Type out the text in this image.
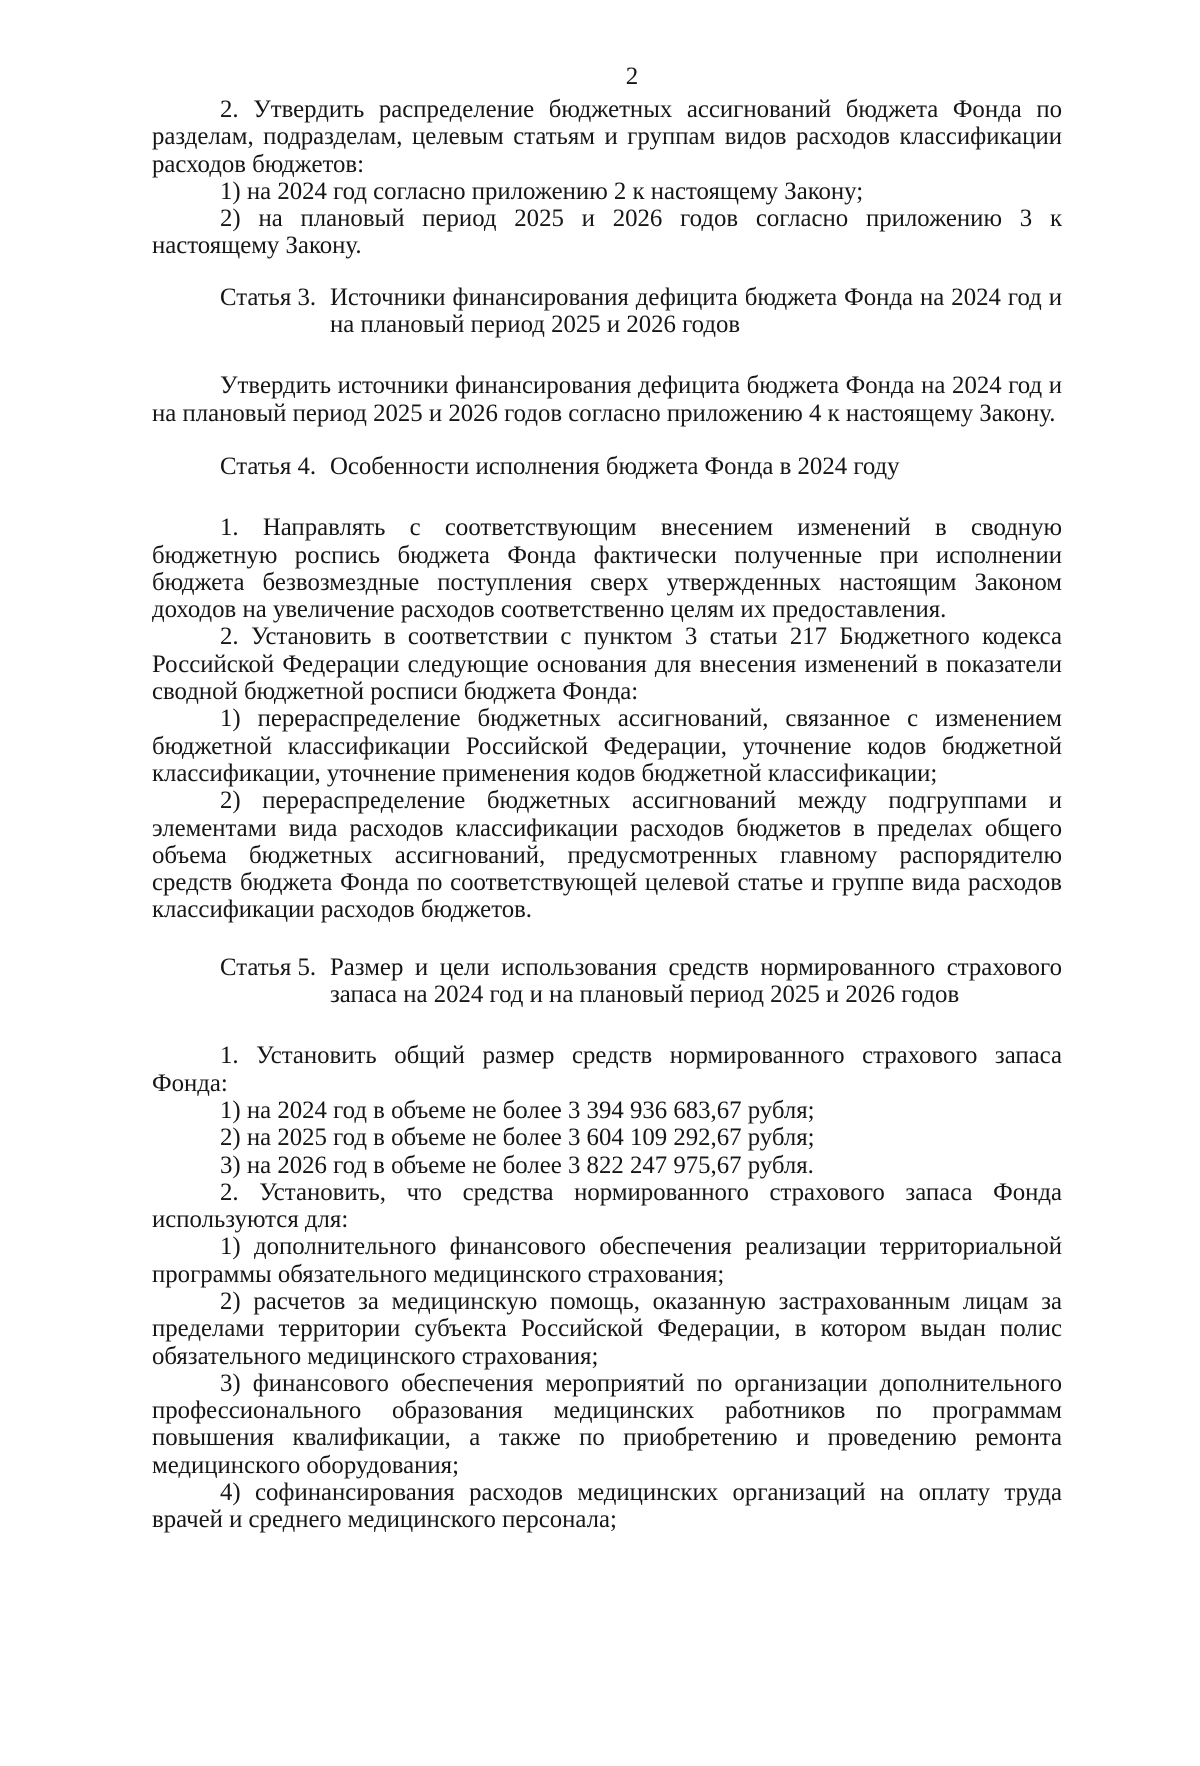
2

2. Утвердить распределение бюджетных ассигнований бюджета Фонда по разделам, подразделам, целевым статьям и группам видов расходов классификации расходов бюджетов:

1) на 2024 год согласно приложению 2 к настоящему Закону;

2) на плановый период 2025 и 2026 годов согласно приложению 3 к настоящему Закону.

Статья 3. Источники финансирования дефицита бюджета Фонда на 2024 год и на плановый период 2025 и 2026 годов

Утвердить источники финансирования дефицита бюджета Фонда на 2024 год и на плановый период 2025 и 2026 годов согласно приложению 4 к настоящему Закону.

Статья 4. Особенности исполнения бюджета Фонда в 2024 году

1. Направлять с соответствующим внесением изменений в сводную бюджетную роспись бюджета Фонда фактически полученные при исполнении бюджета безвозмездные поступления сверх утвержденных настоящим Законом доходов на увеличение расходов соответственно целям их предоставления.

2. Установить в соответствии с пунктом 3 статьи 217 Бюджетного кодекса Российской Федерации следующие основания для внесения изменений в показатели сводной бюджетной росписи бюджета Фонда:

1) перераспределение бюджетных ассигнований, связанное с изменением бюджетной классификации Российской Федерации, уточнение кодов бюджетной классификации, уточнение применения кодов бюджетной классификации;

2) перераспределение бюджетных ассигнований между подгруппами и элементами вида расходов классификации расходов бюджетов в пределах общего объема бюджетных ассигнований, предусмотренных главному распорядителю средств бюджета Фонда по соответствующей целевой статье и группе вида расходов классификации расходов бюджетов.

Статья 5. Размер и цели использования средств нормированного страхового запаса на 2024 год и на плановый период 2025 и 2026 годов

1. Установить общий размер средств нормированного страхового запаса Фонда:

1) на 2024 год в объеме не более 3 394 936 683,67 рубля;

2) на 2025 год в объеме не более 3 604 109 292,67 рубля;

3) на 2026 год в объеме не более 3 822 247 975,67 рубля.

2. Установить, что средства нормированного страхового запаса Фонда используются для:

1) дополнительного финансового обеспечения реализации территориальной программы обязательного медицинского страхования;

2) расчетов за медицинскую помощь, оказанную застрахованным лицам за пределами территории субъекта Российской Федерации, в котором выдан полис обязательного медицинского страхования;

3) финансового обеспечения мероприятий по организации дополнительного профессионального образования медицинских работников по программам повышения квалификации, а также по приобретению и проведению ремонта медицинского оборудования;

4) софинансирования расходов медицинских организаций на оплату труда врачей и среднего медицинского персонала;
